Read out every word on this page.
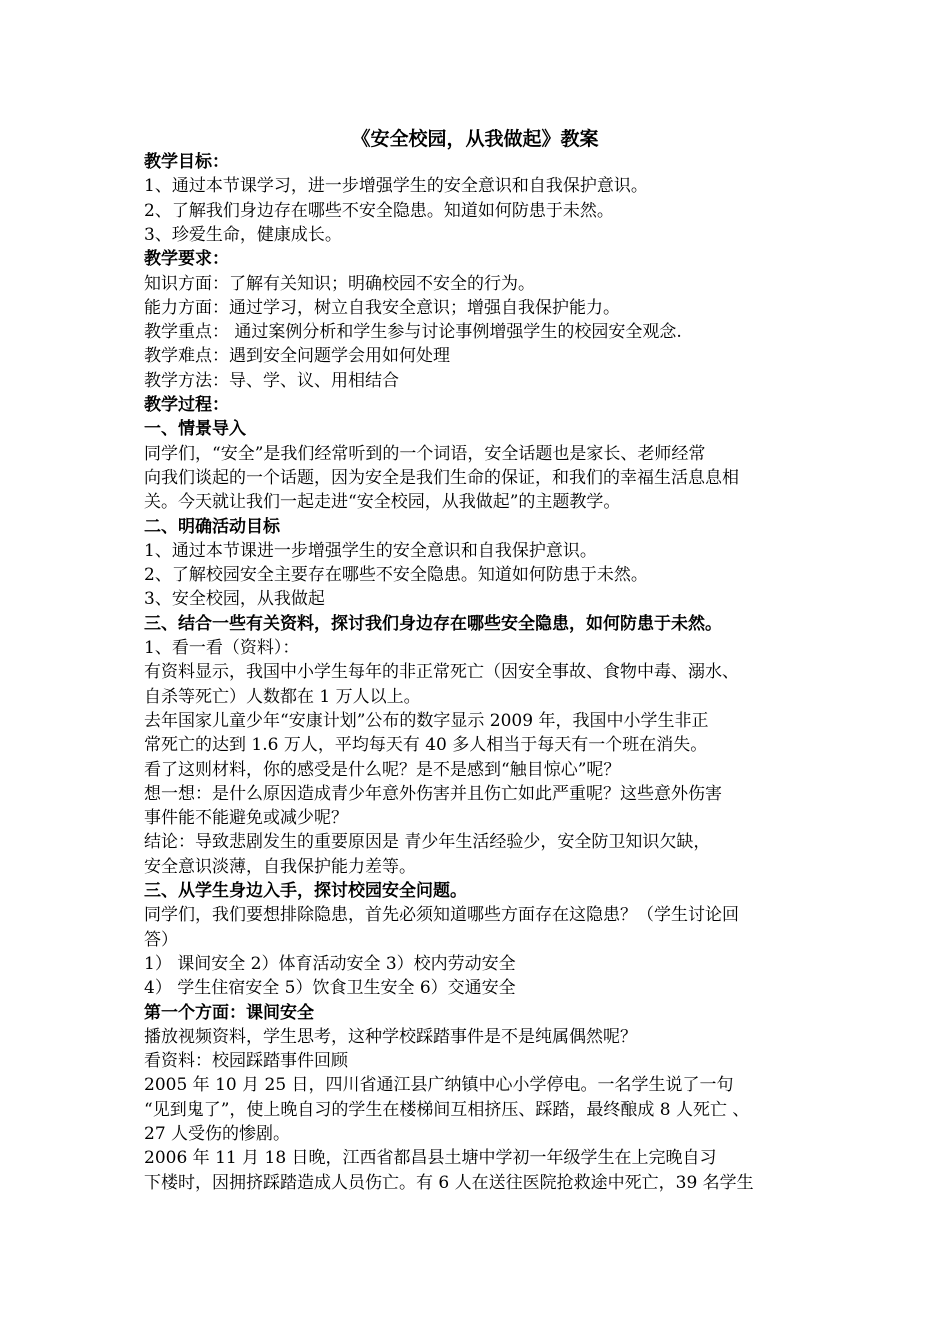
《安全校园，从我做起》教案
教学目标：
1、通过本节课学习，进一步增强学生的安全意识和自我保护意识。
2、了解我们身边存在哪些不安全隐患。知道如何防患于未然。
3、珍爱生命，健康成长。
教学要求：
知识方面：了解有关知识；明确校园不安全的行为。
能力方面：通过学习，树立自我安全意识；增强自我保护能力。
教学重点： 通过案例分析和学生参与讨论事例增强学生的校园安全观念.
教学难点：遇到安全问题学会用如何处理
教学方法：导、学、议、用相结合
教学过程：
一、情景导入
同学们，“安全”是我们经常听到的一个词语，安全话题也是家长、老师经常
向我们谈起的一个话题，因为安全是我们生命的保证，和我们的幸福生活息息相
关。今天就让我们一起走进“安全校园，从我做起”的主题教学。
二、明确活动目标
1、通过本节课进一步增强学生的安全意识和自我保护意识。
2、了解校园安全主要存在哪些不安全隐患。知道如何防患于未然。
3、安全校园，从我做起
三、结合一些有关资料，探讨我们身边存在哪些安全隐患，如何防患于未然。
1、看一看（资料）：
有资料显示，我国中小学生每年的非正常死亡（因安全事故、食物中毒、溺水、
自杀等死亡）人数都在 1 万人以上。
去年国家儿童少年“安康计划”公布的数字显示 2009 年，我国中小学生非正
常死亡的达到 1.6 万人，平均每天有 40 多人相当于每天有一个班在消失。
看了这则材料，你的感受是什么呢？是不是感到“触目惊心”呢？
想一想：是什么原因造成青少年意外伤害并且伤亡如此严重呢？这些意外伤害
事件能不能避免或减少呢？
结论：导致悲剧发生的重要原因是 青少年生活经验少，安全防卫知识欠缺，
安全意识淡薄，自我保护能力差等。
三、从学生身边入手，探讨校园安全问题。
同学们，我们要想排除隐患，首先必须知道哪些方面存在这隐患？（学生讨论回
答）
1） 课间安全 2）体育活动安全 3）校内劳动安全
4） 学生住宿安全 5）饮食卫生安全 6）交通安全
第一个方面：课间安全
播放视频资料，学生思考，这种学校踩踏事件是不是纯属偶然呢？
看资料：校园踩踏事件回顾
2005 年 10 月 25 日，四川省通江县广纳镇中心小学停电。一名学生说了一句
“见到鬼了”，使上晚自习的学生在楼梯间互相挤压、踩踏，最终酿成 8 人死亡 、
27 人受伤的惨剧。
2006 年 11 月 18 日晚，江西省都昌县土塘中学初一年级学生在上完晚自习
下楼时，因拥挤踩踏造成人员伤亡。有 6 人在送往医院抢救途中死亡，39 名学生
